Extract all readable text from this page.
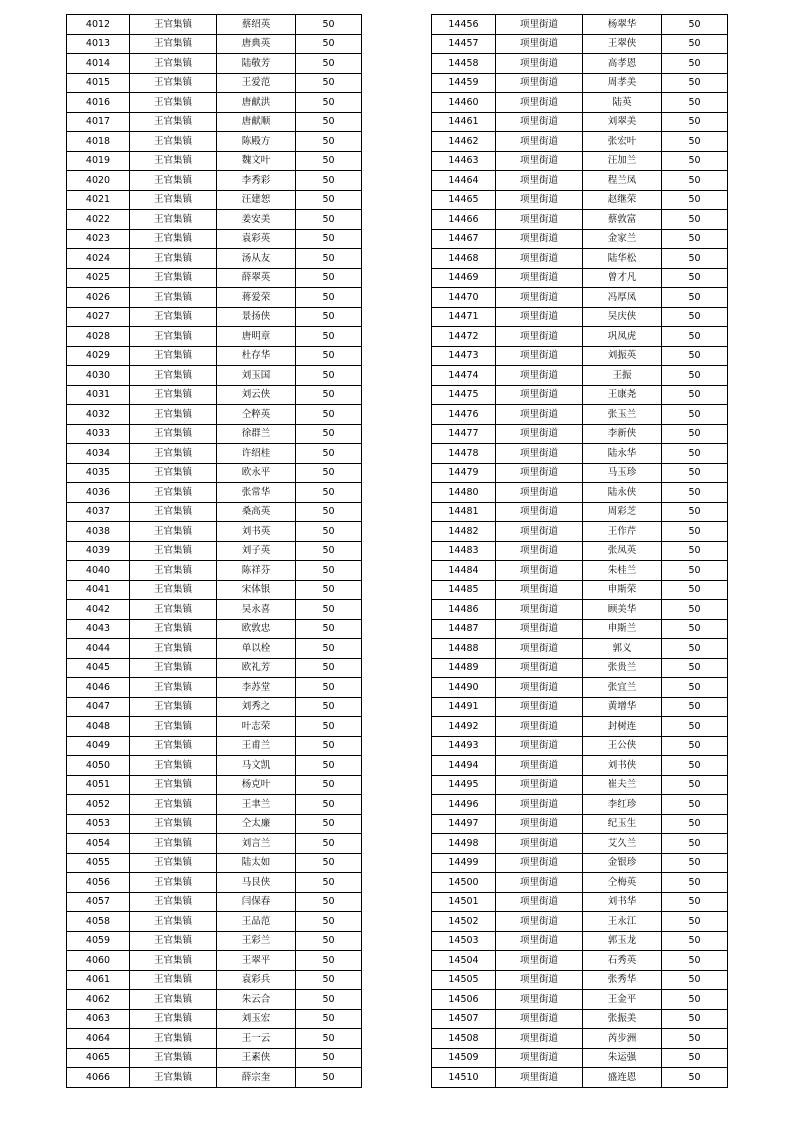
4012	王官集镇	蔡绍英	50
4013	王官集镇	唐典英	50
4014	王官集镇	陆敬芳	50
4015	王官集镇	王爱范	50
4016	王官集镇	唐献洪	50
4017	王官集镇	唐献顺	50
4018	王官集镇	陈殿方	50
4019	王官集镇	魏文叶	50
4020	王官集镇	李秀彩	50
4021	王官集镇	汪建恕	50
4022	王官集镇	姜安美	50
4023	王官集镇	袁彩英	50
4024	王官集镇	汤从友	50
4025	王官集镇	薛翠英	50
4026	王官集镇	蒋爱荣	50
4027	王官集镇	景扬侠	50
4028	王官集镇	唐明章	50
4029	王官集镇	杜存华	50
4030	王官集镇	刘玉国	50
4031	王官集镇	刘云侠	50
4032	王官集镇	仝粹英	50
4033	王官集镇	徐群兰	50
4034	王官集镇	许绍桂	50
4035	王官集镇	欧永平	50
4036	王官集镇	张常华	50
4037	王官集镇	桑高英	50
4038	王官集镇	刘书英	50
4039	王官集镇	刘子英	50
4040	王官集镇	陈祥芬	50
4041	王官集镇	宋体银	50
4042	王官集镇	吴永喜	50
4043	王官集镇	欧敦忠	50
4044	王官集镇	单以栓	50
4045	王官集镇	欧礼芳	50
4046	王官集镇	李苏堂	50
4047	王官集镇	刘秀之	50
4048	王官集镇	叶志荣	50
4049	王官集镇	王甫兰	50
4050	王官集镇	马文凯	50
4051	王官集镇	杨克叶	50
4052	王官集镇	王聿兰	50
4053	王官集镇	仝太廉	50
4054	王官集镇	刘言兰	50
4055	王官集镇	陆太如	50
4056	王官集镇	马艮侠	50
4057	王官集镇	闫保春	50
4058	王官集镇	王品范	50
4059	王官集镇	王彩兰	50
4060	王官集镇	王翠平	50
4061	王官集镇	袁彩兵	50
4062	王官集镇	朱云合	50
4063	王官集镇	刘玉宏	50
4064	王官集镇	王一云	50
4065	王官集镇	王素侠	50
4066	王官集镇	薛宗奎	50
14456	项里街道	杨翠华	50
14457	项里街道	王翠侠	50
14458	项里街道	高孝恩	50
14459	项里街道	周孝美	50
14460	项里街道	陆英	50
14461	项里街道	刘翠美	50
14462	项里街道	张宏叶	50
14463	项里街道	汪加兰	50
14464	项里街道	程兰凤	50
14465	项里街道	赵继荣	50
14466	项里街道	蔡敦富	50
14467	项里街道	金家兰	50
14468	项里街道	陆华松	50
14469	项里街道	曾才凡	50
14470	项里街道	冯厚凤	50
14471	项里街道	吴庆侠	50
14472	项里街道	巩凤虎	50
14473	项里街道	刘振英	50
14474	项里街道	王振	50
14475	项里街道	王康尧	50
14476	项里街道	张玉兰	50
14477	项里街道	李新侠	50
14478	项里街道	陆永华	50
14479	项里街道	马玉珍	50
14480	项里街道	陆永侠	50
14481	项里街道	周彩芝	50
14482	项里街道	王作芹	50
14483	项里街道	张凤英	50
14484	项里街道	朱桂兰	50
14485	项里街道	申斯荣	50
14486	项里街道	顾美华	50
14487	项里街道	申斯兰	50
14488	项里街道	郭义	50
14489	项里街道	张贵兰	50
14490	项里街道	张宜兰	50
14491	项里街道	黄增华	50
14492	项里街道	封树连	50
14493	项里街道	王公侠	50
14494	项里街道	刘书侠	50
14495	项里街道	崔夫兰	50
14496	项里街道	李红珍	50
14497	项里街道	纪玉生	50
14498	项里街道	艾久兰	50
14499	项里街道	金银珍	50
14500	项里街道	仝梅英	50
14501	项里街道	刘书华	50
14502	项里街道	王永江	50
14503	项里街道	郭玉龙	50
14504	项里街道	石秀英	50
14505	项里街道	张秀华	50
14506	项里街道	王金平	50
14507	项里街道	张振美	50
14508	项里街道	芮步洲	50
14509	项里街道	朱运强	50
14510	项里街道	盛连恩	50
